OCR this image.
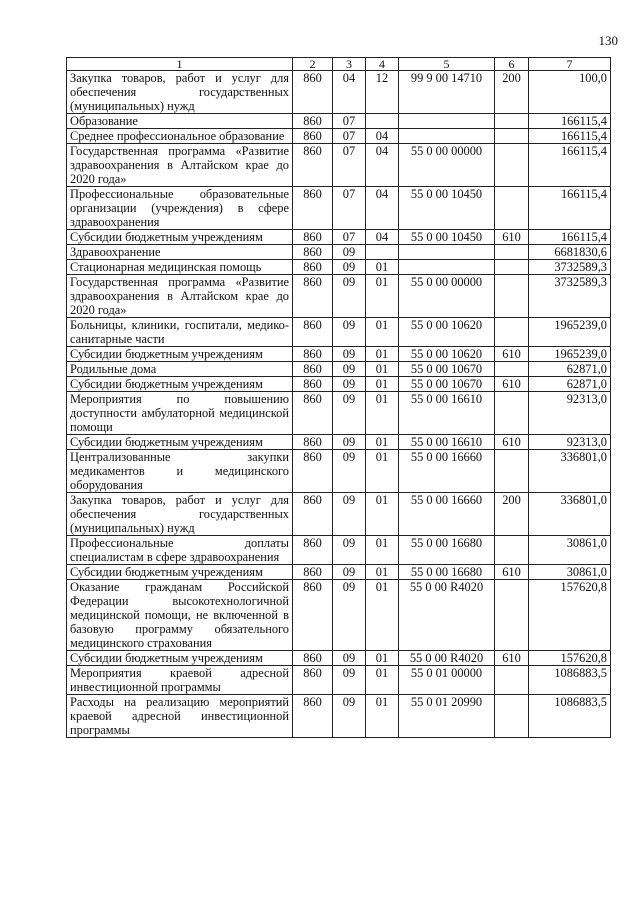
130
1	2	3	4	5	6	7
Закупка товаров, работ и услуг для обеспечения государственных (муниципальных) нужд	860	04	12	99 9 00 14710	200	100,0
Образование	860	07				166115,4
Среднее профессиональное образование	860	07	04			166115,4
Государственная программа «Развитие здравоохранения в Алтайском крае до 2020 года»	860	07	04	55 0 00 00000		166115,4
Профессиональные образовательные организации (учреждения) в сфере здравоохранения	860	07	04	55 0 00 10450		166115,4
Субсидии бюджетным учреждениям	860	07	04	55 0 00 10450	610	166115,4
Здравоохранение	860	09				6681830,6
Стационарная медицинская помощь	860	09	01			3732589,3
Государственная программа «Развитие здравоохранения в Алтайском крае до 2020 года»	860	09	01	55 0 00 00000		3732589,3
Больницы, клиники, госпитали, медико-санитарные части	860	09	01	55 0 00 10620		1965239,0
Субсидии бюджетным учреждениям	860	09	01	55 0 00 10620	610	1965239,0
Родильные дома	860	09	01	55 0 00 10670		62871,0
Субсидии бюджетным учреждениям	860	09	01	55 0 00 10670	610	62871,0
Мероприятия по повышению доступности амбулаторной медицинской помощи	860	09	01	55 0 00 16610		92313,0
Субсидии бюджетным учреждениям	860	09	01	55 0 00 16610	610	92313,0
Централизованные закупки медикаментов и медицинского оборудования	860	09	01	55 0 00 16660		336801,0
Закупка товаров, работ и услуг для обеспечения государственных (муниципальных) нужд	860	09	01	55 0 00 16660	200	336801,0
Профессиональные доплаты специалистам в сфере здравоохранения	860	09	01	55 0 00 16680		30861,0
Субсидии бюджетным учреждениям	860	09	01	55 0 00 16680	610	30861,0
Оказание гражданам Российской Федерации высокотехнологичной медицинской помощи, не включенной в базовую программу обязательного медицинского страхования	860	09	01	55 0 00 R4020		157620,8
Субсидии бюджетным учреждениям	860	09	01	55 0 00 R4020	610	157620,8
Мероприятия краевой адресной инвестиционной программы	860	09	01	55 0 01 00000		1086883,5
Расходы на реализацию мероприятий краевой адресной инвестиционной программы	860	09	01	55 0 01 20990		1086883,5
